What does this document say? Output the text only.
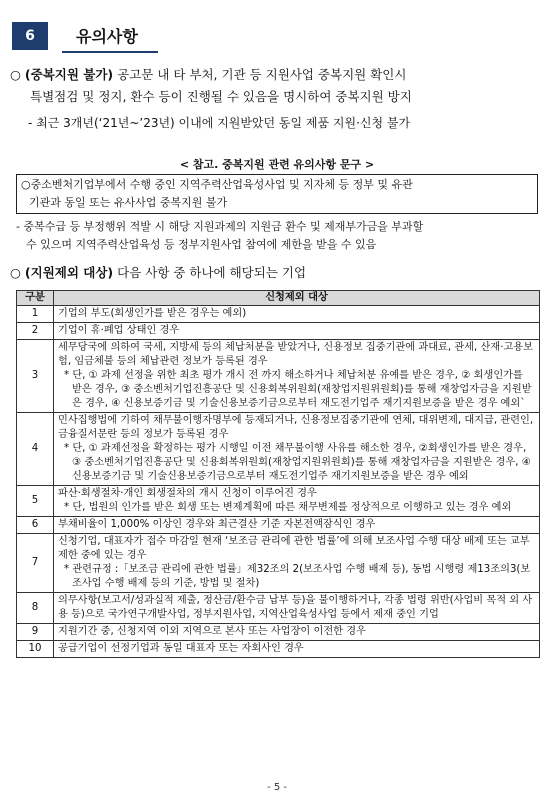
6	유의사항
○ (중복지원 불가) 공고문 내 타 부처, 기관 등 지원사업 중복지원 확인시
특별점검 및 정지, 환수 등이 진행될 수 있음을 명시하여 중복지원 방지
- 최근 3개년(‘21년~’23년) 이내에 지원받았던 동일 제품 지원·신청 불가
< 참고. 중복지원 관련 유의사항 문구 >
○중소벤처기업부에서 수행 중인 지역주력산업육성사업 및 지자체 등 정부 및 유관
기관과 동일 또는 유사사업 중복지원 불가
- 중복수급 등 부정행위 적발 시 해당 지원과제의 지원금 환수 및 제재부가금을 부과할
수 있으며 지역주력산업육성 등 정부지원사업 참여에 제한을 받을 수 있음
○ (지원제외 대상) 다음 사항 중 하나에 해당되는 기업
구분	신청제외 대상
1	기업의 부도(회생인가를 받은 경우는 예외)
2	기업이 휴·폐업 상태인 경우
3	세무당국에 의하여 국세, 지방세 등의 체납처분을 받았거나, 신용정보 집중기관에 과대료, 관세, 산재·고용보험, 임금체불 등의 체납관련 정보가 등록된 경우
* 단, ① 과제 선정을 위한 최초 평가 개시 전 까지 해소하거나 체납처분 유예를 받은 경우, ② 회생인가를 받은 경우, ③ 중소벤처기업진흥공단 및 신용회복위원회(재창업지원위원회)를 통해 재창업자금을 지원받은 경우, ④ 신용보증기금 및 기술신용보증기금으로부터 재도전기업주 재기지원보증을 받은 경우 예외`

4	민사집행법에 기하여 채무불이행자명부에 등재되거나, 신용정보집중기관에 연체, 대위변제, 대지급, 관련인, 금융질서문란 등의 정보가 등록된 경우
* 단, ① 과제선정을 확정하는 평가 시행일 이전 채무불이행 사유를 해소한 경우, ②회생인가를 받은 경우, ③ 중소벤처기업진흥공단 및 신용회복위원회(재창업지원위원회)를 통해 재창업자금을 지원받은 경우, ④ 신용보증기금 및 기술신용보증기금으로부터 재도전기업주 재기지원보증을 받은 경우 예외

5	파산·회생절차·개인 회생절차의 개시 신청이 이루어진 경우
* 단, 법원의 인가를 받은 회생 또는 변제계획에 따른 채무변제를 정상적으로 이행하고 있는 경우 예외

6	부채비율이 1,000% 이상인 경우와 최근결산 기준 자본전액잠식인 경우
7	신청기업, 대표자가 접수 마감일 현재 ‘보조금 관리에 관한 법률’에 의해 보조사업 수행 대상 배제 또는 교부 제한 중에 있는 경우
* 관련규정 :「보조금 관리에 관한 법률」제32조의 2(보조사업 수행 배제 등), 동법 시행령 제13조의3(보조사업 수행 배제 등의 기준, 방법 및 절차)

8	의무사항(보고서/성과실적 제출, 정산금/환수금 납부 등)을 불이행하거나, 각종 법령 위반(사업비 목적 외 사용 등)으로 국가연구개발사업, 정부지원사업, 지역산업육성사업 등에서 제재 중인 기업
9	지원기간 중, 신청지역 이외 지역으로 본사 또는 사업장이 이전한 경우
10	공급기업이 선정기업과 동일 대표자 또는 자회사인 경우
- 5 -
